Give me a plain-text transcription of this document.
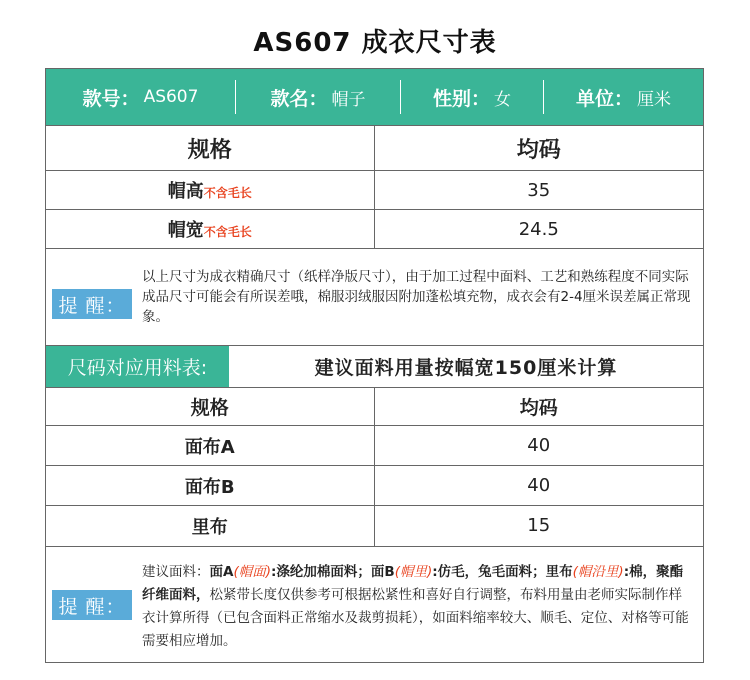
AS607 成衣尺寸表
款号： AS607	款名： 帽子	性别： 女	单位： 厘米
规格	均码
帽高不含毛长	35
帽宽不含毛长	24.5
提 醒：
以上尺寸为成衣精确尺寸（纸样净版尺寸），由于加工过程中面料、工艺和熟练程度不同实际成品尺寸可能会有所误差哦，棉服羽绒服因附加蓬松填充物，成衣会有2-4厘米误差属正常现象。
尺码对应用料表:	建议面料用量按幅宽150厘米计算
规格	均码
面布A	40
面布B	40
里布	15
提 醒：
建议面料：面A(帽面):涤纶加棉面料；面B(帽里):仿毛，兔毛面料；里布(帽沿里):棉，聚酯纤维面料，松紧带长度仅供参考可根据松紧性和喜好自行调整，布料用量由老师实际制作样衣计算所得（已包含面料正常缩水及裁剪损耗），如面料缩率较大、顺毛、定位、对格等可能需要相应增加。
